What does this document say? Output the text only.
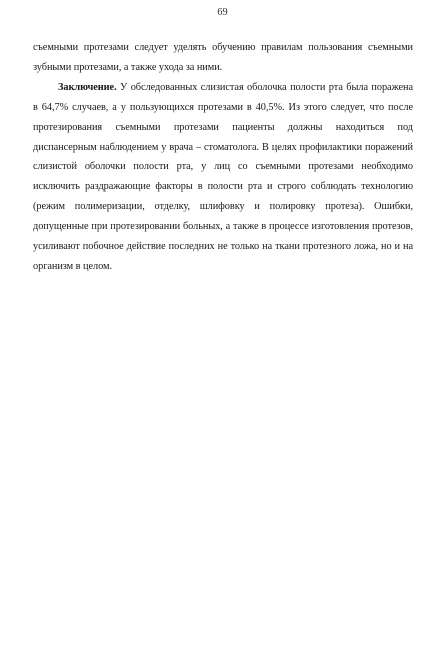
69

съемными протезами следует уделять обучению правилам пользования съемными зубными протезами, а также ухода за ними.

Заключение. У обследованных слизистая оболочка полости рта была поражена в 64,7% случаев, а у пользующихся протезами в 40,5%. Из этого следует, что после протезирования съемными протезами пациенты должны находиться под диспансерным наблюдением у врача – стоматолога. В целях профилактики поражений слизистой оболочки полости рта, у лиц со съемными протезами необходимо исключить раздражающие факторы в полости рта и строго соблюдать технологию (режим полимеризации, отделку, шлифовку и полировку протеза). Ошибки, допущенные при протезировании больных, а также в процессе изготовления протезов, усиливают побочное действие последних не только на ткани протезного ложа, но и на организм в целом.
